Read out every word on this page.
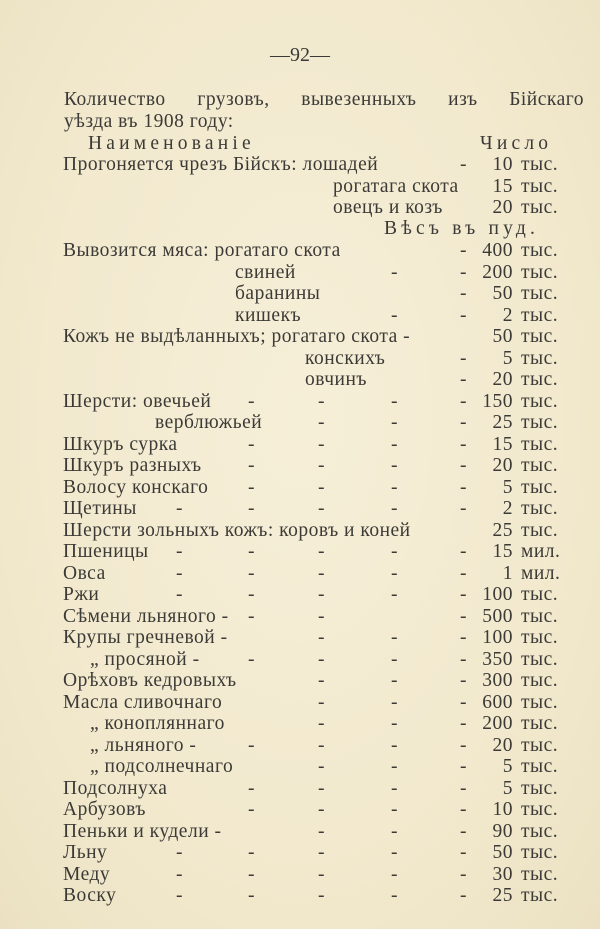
—92—
Количество грузовъ, вывезенныхъ изъ Бiйскаго
уѣзда въ 1908 году:
Наименованiе	Число
Вѣсъ въ пуд.
Прогоняется чрезъ Бiйскъ: лошадей	- 10 тыс.
рогатага скота 15 тыс.
овецъ и козъ	20 тыс.
Вывозится мяса: рогатаго скота	- 400 тыс.
свиней	-	- 200 тыс.
баранины	- 50 тыс.
кишекъ	-	- 2 тыс.
Кожъ не выдѣланныхъ; рогатаго скота -	50 тыс.
конскихъ	- 5 тыс.
овчинъ	- 20 тыс.
Шерсти: овечьей -	-	-	- 150 тыс.
верблюжьей	-	-	- 25 тыс.
Шкуръ сурка	-	-	-	- 15 тыс.
Шкуръ разныхъ -	-	-	- 20 тыс.
Волосу конскаго -	-	-	- 5 тыс.
Щетины -	-	-	-	- 2 тыс.
Шерсти зольныхъ кожъ: коровъ и коней	25 тыс.
Пшеницы -	-	-	-	- 15 мил.
Овса	-	-	-	-	- 1 мил.
Ржи	-	-	-	-	- 100 тыс.
Сѣмени льняного - -	-	- 500 тыс.
Крупы гречневой -	-	-	- 100 тыс.
„ просяной - -	-	-	- 350 тыс.
Орѣховъ кедровыхъ	-	-	- 300 тыс.
Масла сливочнаго	-	-	- 600 тыс.
„ конопляннаго	-	-	- 200 тыс.
„ льняного -	-	-	-	- 20 тыс.
„ подсолнечнаго	-	-	- 5 тыс.
Подсолнуха	-	-	-	- 5 тыс.
Арбузовъ	-	-	-	- 10 тыс.
Пеньки и кудели -	-	-	- 90 тыс.
Льну	-	-	-	-	- 50 тыс.
Меду	-	-	-	-	- 30 тыс.
Воску	-	-	-	-	- 25 тыс.
